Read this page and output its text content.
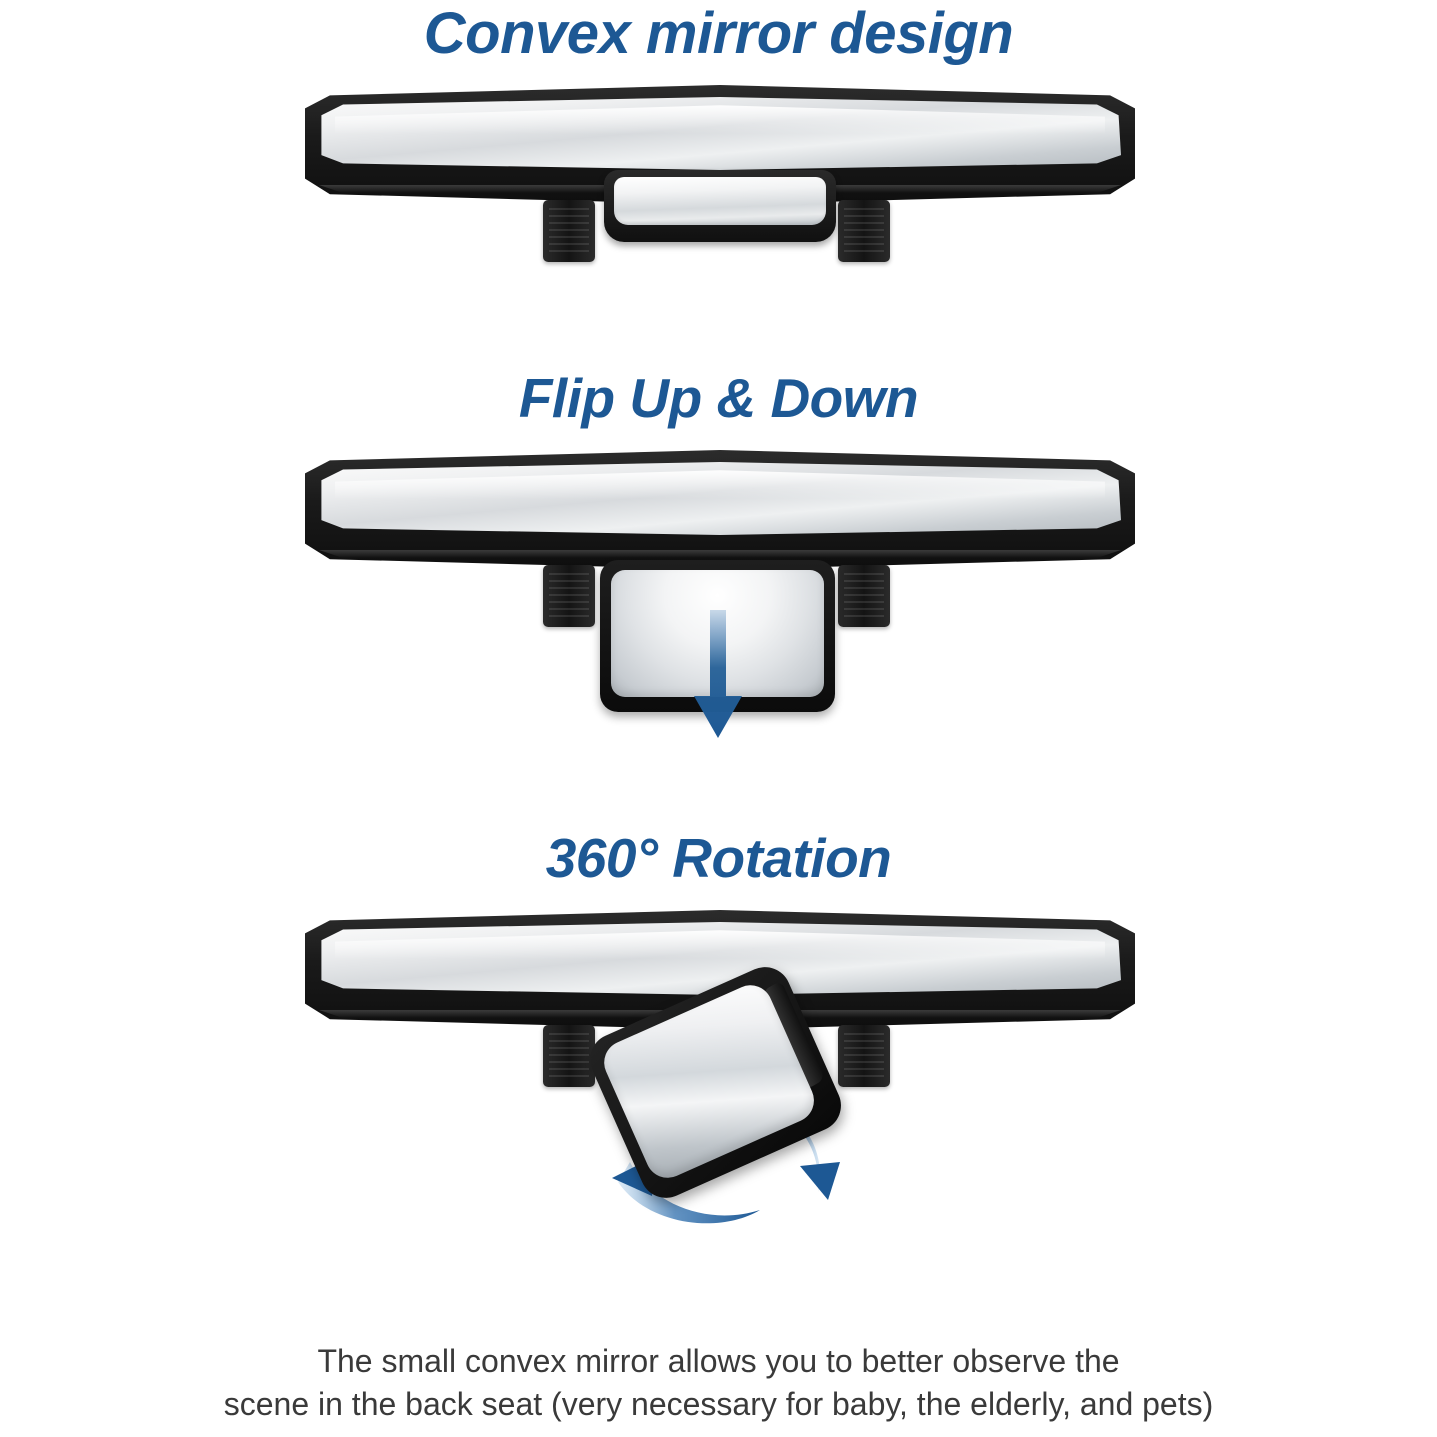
Convex mirror design
Flip Up & Down
360° Rotation
The small convex mirror allows you to better observe the
scene in the back seat (very necessary for baby, the elderly, and pets)
